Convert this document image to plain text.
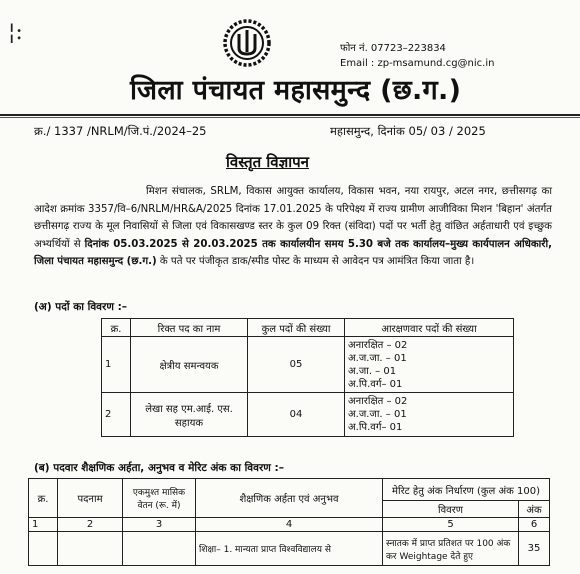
¦:
फोन नं. 07723–223834
Email : zp-msamund.cg@nic.in
जिला पंचायत महासमुन्द (छ.ग.)
क्र./ 1337 /NRLM/जि.पं./2024–25	महासमुन्द, दिनांक 05/ 03 / 2025
विस्तृत विज्ञापन
मिशन संचालक, SRLM, विकास आयुक्त कार्यालय, विकास भवन, नया रायपुर, अटल नगर, छत्तीसगढ़ का आदेश क्रमांक 3357/वि–6/NRLM/HR&A/2025 दिनांक 17.01.2025 के परिपेक्ष्य में राज्य ग्रामीण आजीविका मिशन 'बिहान' अंतर्गत छत्तीसगढ़ राज्य के मूल निवासियों से जिला एवं विकासखण्ड स्तर के कुल 09 रिक्त (संविदा) पदों पर भर्ती हेतु वांछित अर्हताधारी एवं इच्छुक अभ्यर्थियों से दिनांक 05.03.2025 से 20.03.2025 तक कार्यालयीन समय 5.30 बजे तक कार्यालय–मुख्य कार्यपालन अधिकारी, जिला पंचायत महासमुन्द (छ.ग.) के पते पर पंजीकृत डाक/स्पीड पोस्ट के माध्यम से आवेदन पत्र आमंत्रित किया जाता है।
(अ) पदों का विवरण :–
क्र.	रिक्त पद का नाम	कुल पदों की संख्या	आरक्षणवार पदों की संख्या
1	क्षेत्रीय समन्वयक	05	अनारक्षित – 02
अ.ज.जा. – 01
अ.जा. – 01
अ.पि.वर्ग– 01

2	लेखा सह एम.आई. एस. सहायक	04	अनारक्षित – 02
अ.ज.जा. – 01
अ.पि.वर्ग– 01
(ब) पदवार शैक्षणिक अर्हता, अनुभव व मेरिट अंक का विवरण :–
क्र.	पदनाम	एकमुश्त मासिक वेतन (रू. में)	शैक्षणिक अर्हता एवं अनुभव	मेरिट हेतु अंक निर्धारण (कुल अंक 100)	
				विवरण	अंक
1	2	3	4	5	6
			शिक्षा– 1. मान्यता प्राप्त विश्वविद्यालय से	स्नातक में प्राप्त प्रतिशत पर 100 अंक कर Weightage देते हुए	35
